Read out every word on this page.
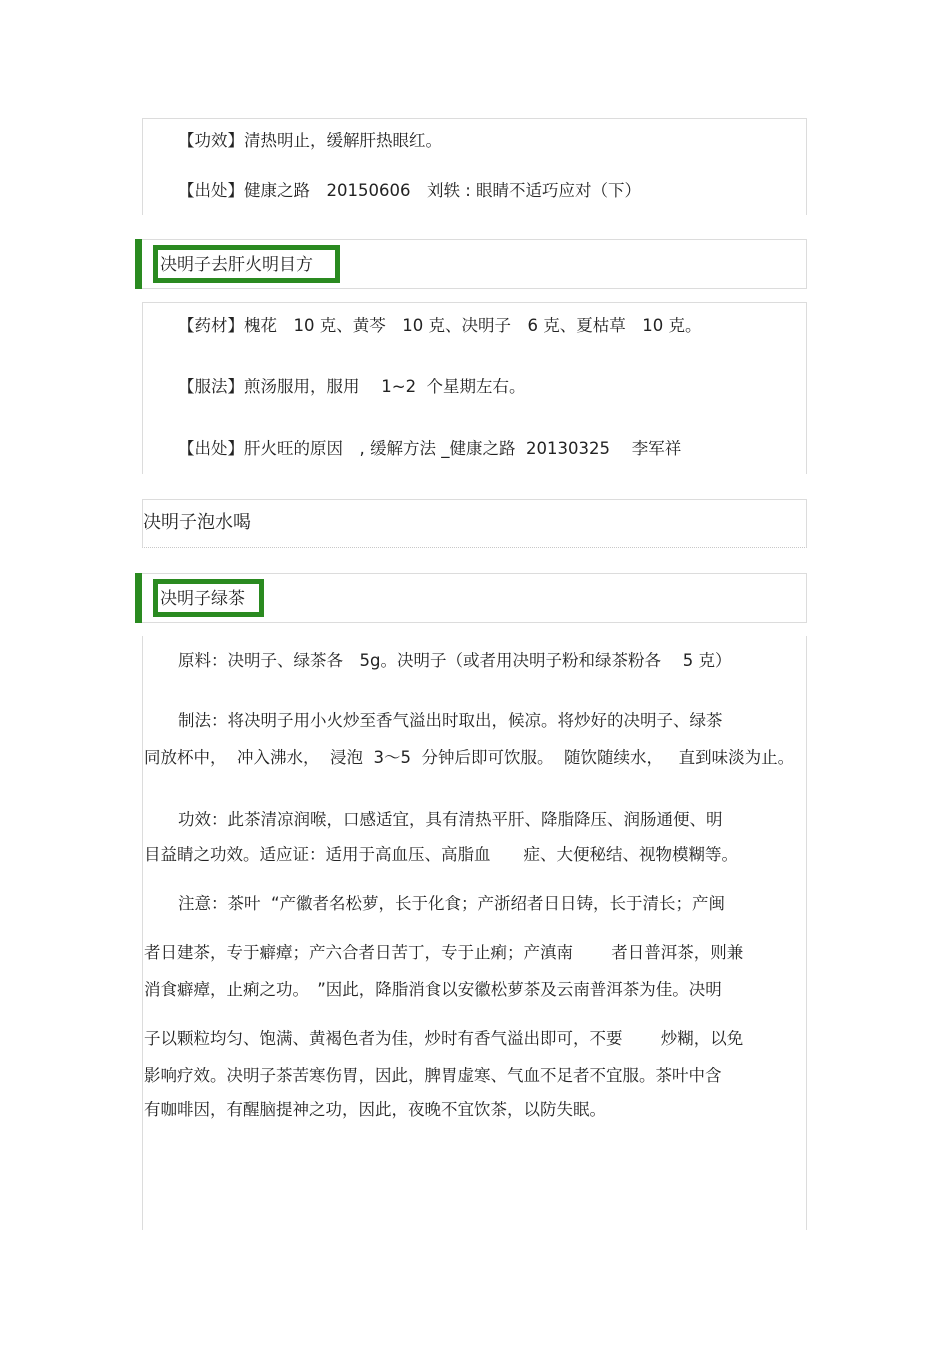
【功效】清热明止，缓解肝热眼红。
【出处】健康之路　20150606　刘轶 : 眼睛不适巧应对（下）
决明子去肝火明目方
【药材】槐花　10 克、黄芩　10 克、决明子　6 克、夏枯草　10 克。
【服法】煎汤服用，服用　 1~2  个星期左右。
【出处】肝火旺的原因　, 缓解方法 _健康之路  20130325　 李军祥
决明子泡水喝
决明子绿茶
原料：决明子、绿茶各　5g。决明子（或者用决明子粉和绿茶粉各　 5 克）
制法：将决明子用小火炒至香气溢出时取出，候凉。将炒好的决明子、绿茶
同放杯中，  冲入沸水，  浸泡  3～5  分钟后即可饮服。  随饮随续水，   直到味淡为止。
功效：此茶清凉润喉，口感适宜，具有清热平肝、降脂降压、润肠通便、明
目益睛之功效。适应证：适用于高血压、高脂血　　症、大便秘结、视物模糊等。
注意：茶叶  “产徽者名松萝，长于化食；产浙绍者日日铸，长于清长；产闽
者日建茶，专于癖瘴；产六合者日苦丁，专于止痢；产滇南　　 者日普洱茶，则兼
消食癖瘴，止痢之功。　”因此，降脂消食以安徽松萝茶及云南普洱茶为佳。决明
子以颗粒均匀、饱满、黄褐色者为佳，炒时有香气溢出即可，不要　　 炒糊，以免
影响疗效。决明子茶苦寒伤胃，因此，脾胃虚寒、气血不足者不宜服。茶叶中含
有咖啡因，有醒脑提神之功，因此，夜晚不宜饮茶，以防失眠。
